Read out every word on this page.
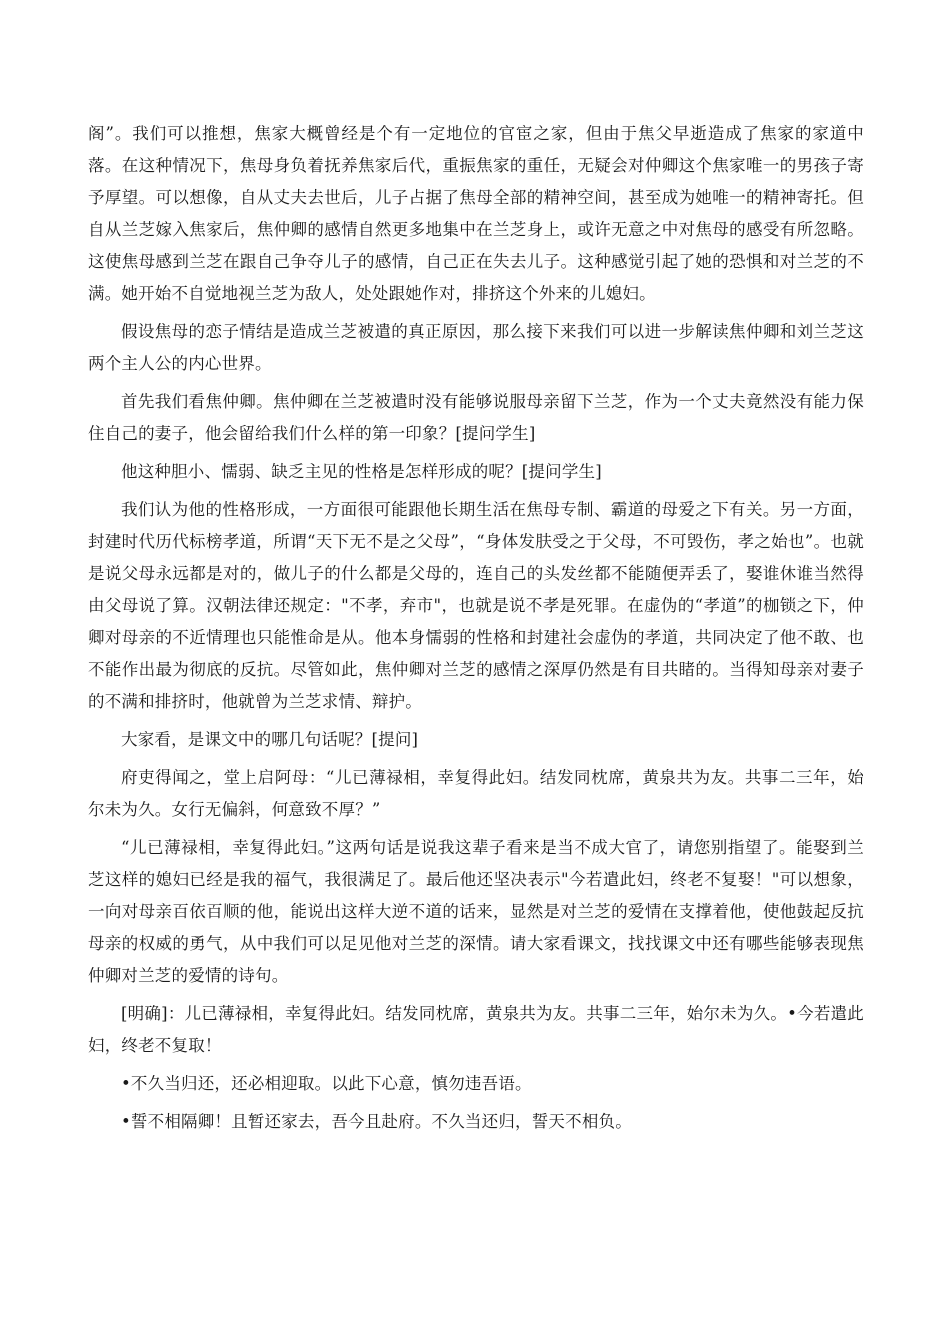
阁”。我们可以推想，焦家大概曾经是个有一定地位的官宦之家，但由于焦父早逝造成了焦家的家道中落。在这种情况下，焦母身负着抚养焦家后代，重振焦家的重任，无疑会对仲卿这个焦家唯一的男孩子寄予厚望。可以想像，自从丈夫去世后，儿子占据了焦母全部的精神空间，甚至成为她唯一的精神寄托。但自从兰芝嫁入焦家后，焦仲卿的感情自然更多地集中在兰芝身上，或许无意之中对焦母的感受有所忽略。这使焦母感到兰芝在跟自己争夺儿子的感情，自己正在失去儿子。这种感觉引起了她的恐惧和对兰芝的不满。她开始不自觉地视兰芝为敌人，处处跟她作对，排挤这个外来的儿媳妇。

假设焦母的恋子情结是造成兰芝被遣的真正原因，那么接下来我们可以进一步解读焦仲卿和刘兰芝这两个主人公的内心世界。

首先我们看焦仲卿。焦仲卿在兰芝被遣时没有能够说服母亲留下兰芝，作为一个丈夫竟然没有能力保住自己的妻子，他会留给我们什么样的第一印象？[提问学生]

他这种胆小、懦弱、缺乏主见的性格是怎样形成的呢？[提问学生]

我们认为他的性格形成，一方面很可能跟他长期生活在焦母专制、霸道的母爱之下有关。另一方面，封建时代历代标榜孝道，所谓“天下无不是之父母”，“身体发肤受之于父母，不可毁伤，孝之始也”。也就是说父母永远都是对的，做儿子的什么都是父母的，连自己的头发丝都不能随便弄丢了，娶谁休谁当然得由父母说了算。汉朝法律还规定："不孝，弃市"，也就是说不孝是死罪。在虚伪的“孝道”的枷锁之下，仲卿对母亲的不近情理也只能惟命是从。他本身懦弱的性格和封建社会虚伪的孝道，共同决定了他不敢、也不能作出最为彻底的反抗。尽管如此，焦仲卿对兰芝的感情之深厚仍然是有目共睹的。当得知母亲对妻子的不满和排挤时，他就曾为兰芝求情、辩护。

大家看，是课文中的哪几句话呢？[提问]

府吏得闻之，堂上启阿母：“儿已薄禄相，幸复得此妇。结发同枕席，黄泉共为友。共事二三年，始尔未为久。女行无偏斜，何意致不厚？”

“儿已薄禄相，幸复得此妇。”这两句话是说我这辈子看来是当不成大官了，请您别指望了。能娶到兰芝这样的媳妇已经是我的福气，我很满足了。最后他还坚决表示"今若遣此妇，终老不复娶！"可以想象，一向对母亲百依百顺的他，能说出这样大逆不道的话来，显然是对兰芝的爱情在支撑着他，使他鼓起反抗母亲的权威的勇气，从中我们可以足见他对兰芝的深情。请大家看课文，找找课文中还有哪些能够表现焦仲卿对兰芝的爱情的诗句。

[明确]：儿已薄禄相，幸复得此妇。结发同枕席，黄泉共为友。共事二三年，始尔未为久。•今若遣此妇，终老不复取！

•不久当归还，还必相迎取。以此下心意，慎勿违吾语。

•誓不相隔卿！且暂还家去，吾今且赴府。不久当还归，誓天不相负。
